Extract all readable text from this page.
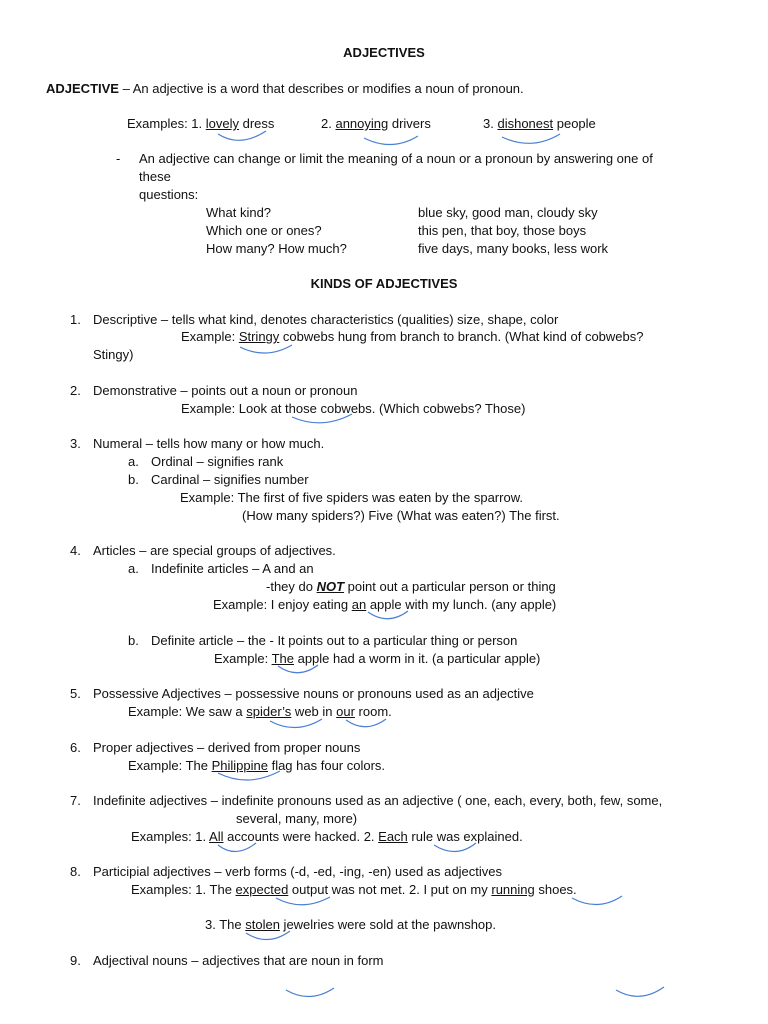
ADJECTIVES
ADJECTIVE – An adjective is a word that describes or modifies a noun of pronoun.
Examples: 1. lovely dress	2. annoying drivers	3. dishonest people
- An adjective can change or limit the meaning of a noun or a pronoun by answering one of
these
questions:
What kind?	blue sky, good man, cloudy sky
Which one or ones?	this pen, that boy, those boys
How many? How much?	five days, many books, less work
KINDS OF ADJECTIVES
1. Descriptive – tells what kind, denotes characteristics (qualities) size, shape, color
Example: Stringy cobwebs hung from branch to branch. (What kind of cobwebs?
Stingy)
2. Demonstrative – points out a noun or pronoun
Example: Look at those cobwebs. (Which cobwebs? Those)
3. Numeral – tells how many or how much.
a. Ordinal – signifies rank
b. Cardinal – signifies number
Example: The first of five spiders was eaten by the sparrow.
(How many spiders?) Five (What was eaten?) The first.
4. Articles – are special groups of adjectives.
a. Indefinite articles – A and an
-they do NOT point out a particular person or thing
Example: I enjoy eating an apple with my lunch. (any apple)
b. Definite article – the - It points out to a particular thing or person
Example: The apple had a worm in it. (a particular apple)
5. Possessive Adjectives – possessive nouns or pronouns used as an adjective
Example: We saw a spider’s web in our room.
6. Proper adjectives – derived from proper nouns
Example: The Philippine flag has four colors.
7. Indefinite adjectives – indefinite pronouns used as an adjective ( one, each, every, both, few, some,
several, many, more)
Examples: 1. All accounts were hacked. 2. Each rule was explained.
8. Participial adjectives – verb forms (-d, -ed, -ing, -en) used as adjectives
Examples: 1. The expected output was not met. 2. I put on my running shoes.
3. The stolen jewelries were sold at the pawnshop.
9. Adjectival nouns – adjectives that are noun in form
